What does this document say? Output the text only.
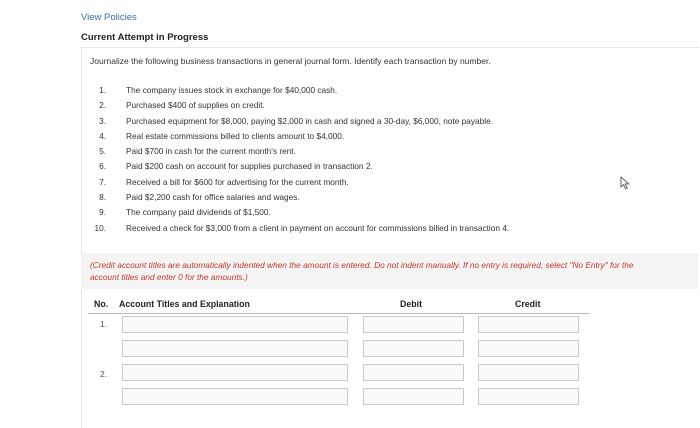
View Policies
Current Attempt in Progress
Journalize the following business transactions in general journal form. Identify each transaction by number.
1. The company issues stock in exchange for $40,000 cash.
2. Purchased $400 of supplies on credit.
3. Purchased equipment for $8,000, paying $2,000 in cash and signed a 30-day, $6,000, note payable.
4. Real estate commissions billed to clients amount to $4,000.
5. Paid $700 in cash for the current month's rent.
6. Paid $200 cash on account for supplies purchased in transaction 2.
7. Received a bill for $600 for advertising for the current month.
8. Paid $2,200 cash for office salaries and wages.
9. The company paid dividends of $1,500.
10. Received a check for $3,000 from a client in payment on account for commissions billed in transaction 4.
(Credit account titles are automatically indented when the amount is entered. Do not indent manually. If no entry is required, select "No Entry" for the account titles and enter 0 for the amounts.)
No. Account Titles and Explanation	Debit	Credit
1.
2.
